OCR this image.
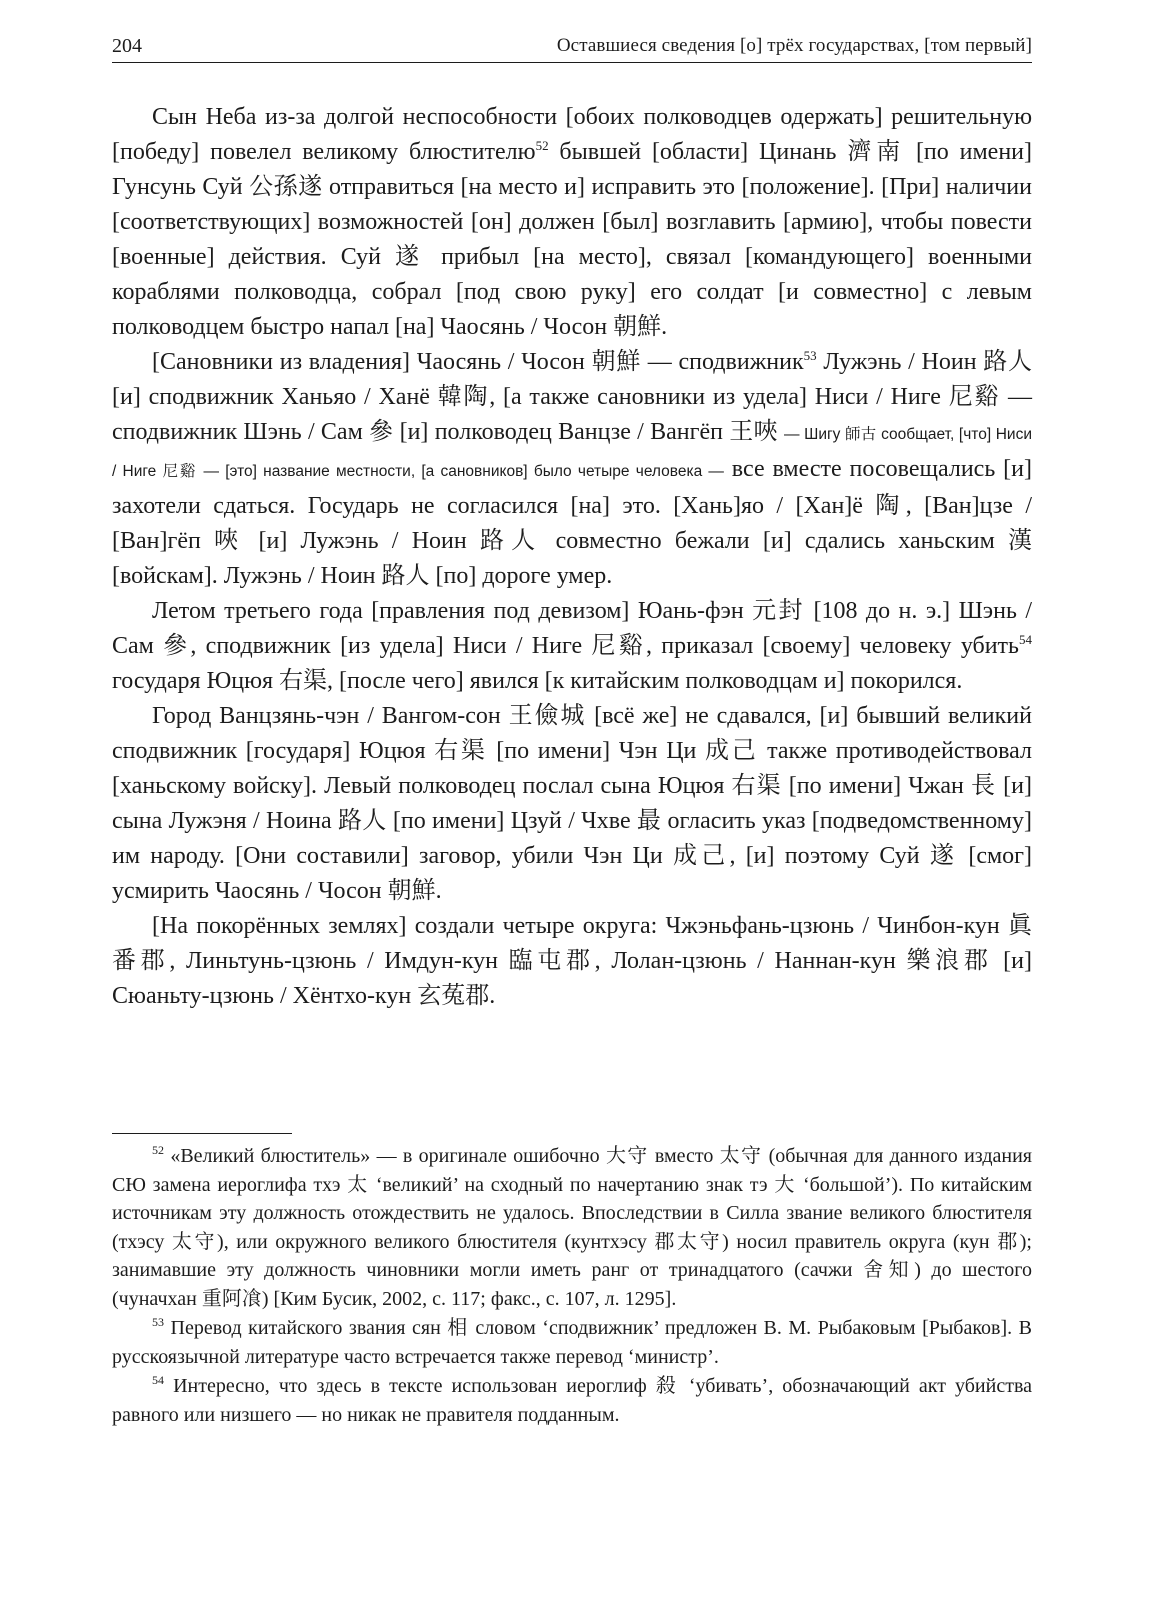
204	Оставшиеся сведения [о] трёх государствах, [том первый]

Сын Неба из-за долгой неспособности [обоих полководцев одержать] решительную [победу] повелел великому блюстителю$^{52}$ бывшей [области] Цинань 濟南 [по имени] Гунсунь Суй 公孫遂 отправиться [на место и] исправить это [положение]. [При] наличии [соответствующих] возможностей [он] должен [был] возглавить [армию], чтобы повести [военные] действия. Суй 遂 прибыл [на место], связал [командующего] военными кораблями полководца, собрал [под свою руку] его солдат [и совместно] с левым полководцем быстро напал [на] Чаосянь / Чосон 朝鮮.

[Сановники из владения] Чаосянь / Чосон 朝鮮 — сподвижник$^{53}$ Лужэнь / Ноин 路人 [и] сподвижник Ханьяо / Ханё 韓陶, [а также сановники из удела] Ниси / Ниге 尼谿 — сподвижник Шэнь / Сам 參 [и] полководец Ванцзе / Вангёп 王唊 — Шигу 師古 сообщает, [что] Ниси / Ниге 尼谿 — [это] название местности, [а сановников] было четыре человека — все вместе посовещались [и] захотели сдаться. Государь не согласился [на] это. [Хань]яо / [Хан]ё 陶, [Ван]цзе / [Ван]гёп 唊 [и] Лужэнь / Ноин 路人 совместно бежали [и] сдались ханьским 漢 [войскам]. Лужэнь / Ноин 路人 [по] дороге умер.

Летом третьего года [правления под девизом] Юань-фэн 元封 [108 до н. э.] Шэнь / Сам 參, сподвижник [из удела] Ниси / Ниге 尼谿, приказал [своему] человеку убить$^{54}$ государя Юцюя 右渠, [после чего] явился [к китайским полководцам и] покорился.

Город Ванцзянь-чэн / Вангом-сон 王儉城 [всё же] не сдавался, [и] бывший великий сподвижник [государя] Юцюя 右渠 [по имени] Чэн Ци 成己 также противодействовал [ханьскому войску]. Левый полководец послал сына Юцюя 右渠 [по имени] Чжан 長 [и] сына Лужэня / Ноина 路人 [по имени] Цзуй / Чхве 最 огласить указ [подведомственному] им народу. [Они составили] заговор, убили Чэн Ци 成己, [и] поэтому Суй 遂 [смог] усмирить Чаосянь / Чосон 朝鮮.

[На покорённых землях] создали четыре округа: Чжэньфань-цзюнь / Чинбон-кун 眞番郡, Линьтунь-цзюнь / Имдун-кун 臨屯郡, Лолан-цзюнь / Наннан-кун 樂浪郡 [и] Сюаньту-цзюнь / Хёнтхо-кун 玄菟郡.

$^{52}$ «Великий блюститель» — в оригинале ошибочно 大守 вместо 太守 (обычная для данного издания СЮ замена иероглифа тхэ 太 ‘великий’ на сходный по начертанию знак тэ 大 ‘большой’). По китайским источникам эту должность отождествить не удалось. Впоследствии в Силла звание великого блюстителя (тхэсу 太守), или окружного великого блюстителя (кунтхэсу 郡太守) носил правитель округа (кун 郡); занимавшие эту должность чиновники могли иметь ранг от тринадцатого (сачжи 舍知) до шестого (чуначхан 重阿飡) [Ким Бусик, 2002, с. 117; факс., с. 107, л. 1295].

$^{53}$ Перевод китайского звания сян 相 словом ‘сподвижник’ предложен В. М. Рыбаковым [Рыбаков]. В русскоязычной литературе часто встречается также перевод ‘министр’.

$^{54}$ Интересно, что здесь в тексте использован иероглиф 殺 ‘убивать’, обозначающий акт убийства равного или низшего — но никак не правителя подданным.
